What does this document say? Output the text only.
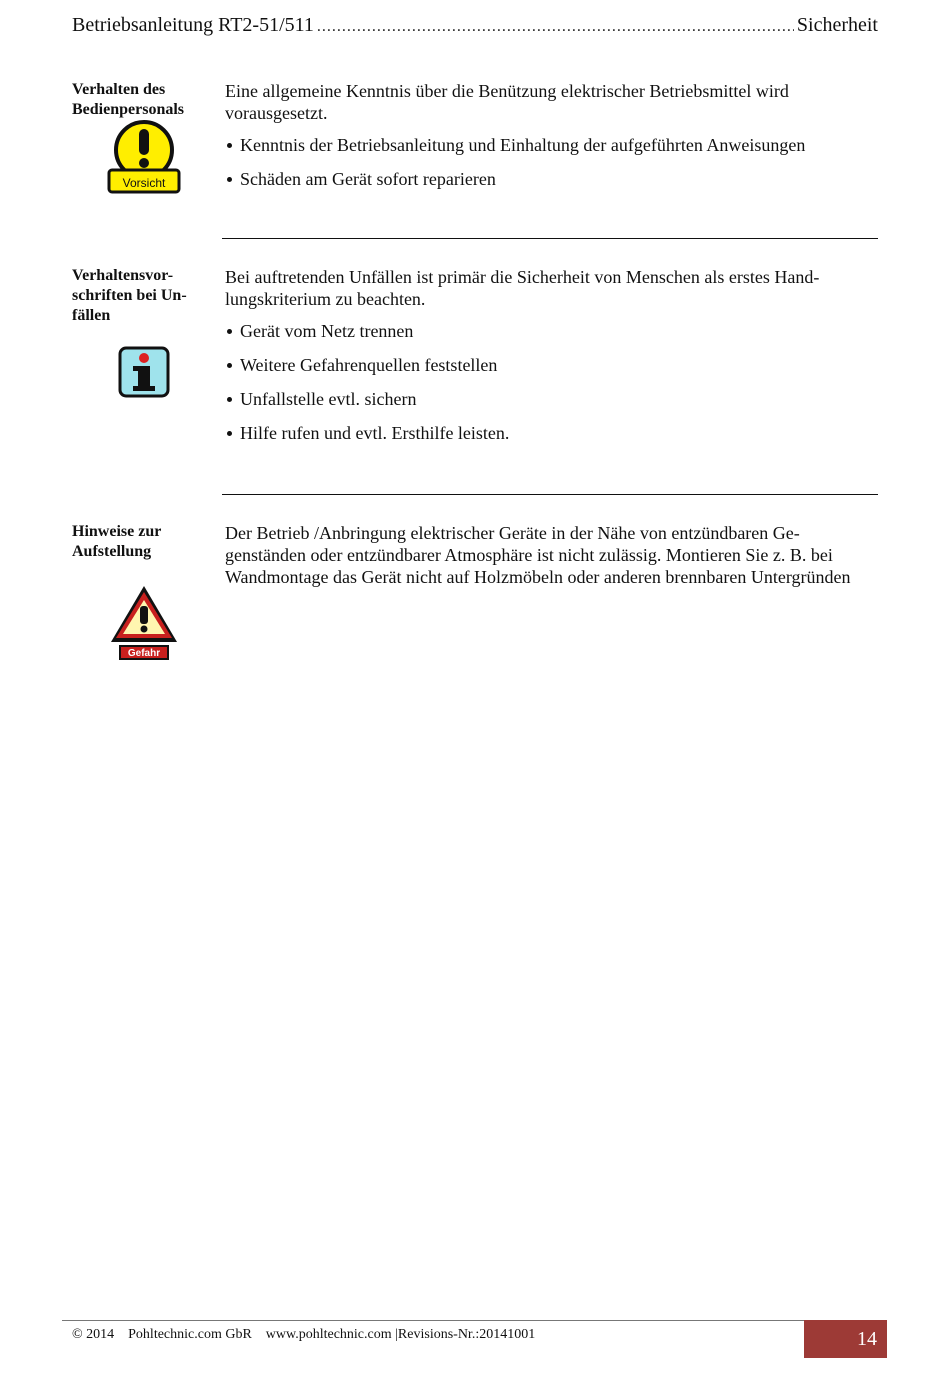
Betriebsanleitung RT2-51/511
.....	Sicherheit
Verhalten des Bedienpersonals
Vorsicht

Eine allgemeine Kenntnis über die Benützung elektrischer Betriebsmittel wird vorausgesetzt.

Kenntnis der Betriebsanleitung und Einhaltung der aufgeführten Anweisungen
Schäden am Gerät sofort reparieren
Verhaltensvor-schriften bei Un-fällen

Bei auftretenden Unfällen ist primär die Sicherheit von Menschen als erstes Hand-lungskriterium zu beachten.

Gerät vom Netz trennen
Weitere Gefahrenquellen feststellen
Unfallstelle evtl. sichern
Hilfe rufen und evtl. Ersthilfe leisten.
Hinweise zur Aufstellung
Gefahr

Der Betrieb /Anbringung elektrischer Geräte in der Nähe von entzündbaren Ge-genständen oder entzündbarer Atmosphäre ist nicht zulässig. Montieren Sie z. B. bei Wandmontage das Gerät nicht auf Holzmöbeln oder anderen brennbaren Untergründen

© 2014    Pohltechnic.com GbR    www.pohltechnic.com |Revisions-Nr.:20141001	14
